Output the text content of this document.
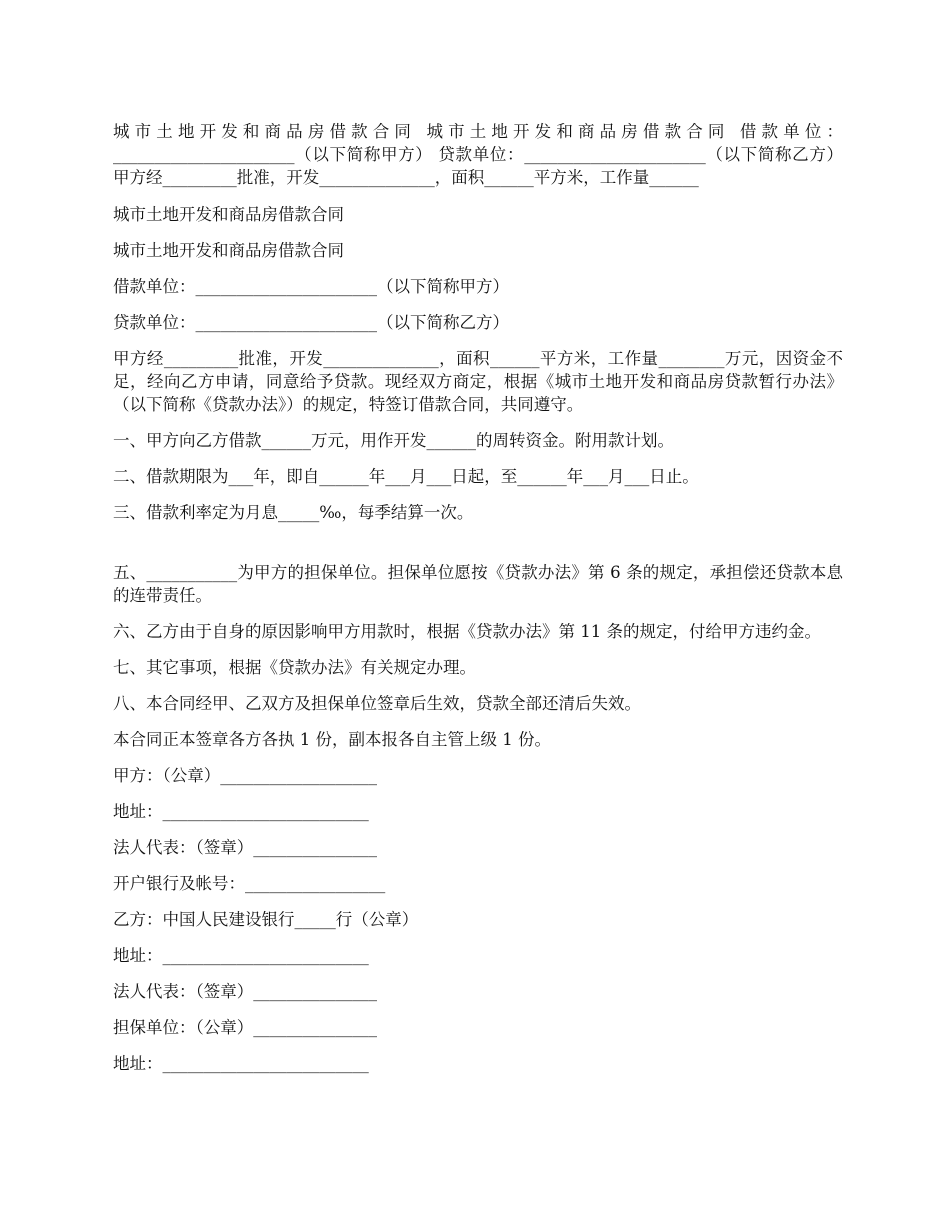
城市土地开发和商品房借款合同 城市土地开发和商品房借款合同 借款单位：______________________（以下简称甲方） 贷款单位：______________________（以下简称乙方） 甲方经_________批准，开发______________，面积______平方米，工作量______

城市土地开发和商品房借款合同

城市土地开发和商品房借款合同

借款单位：______________________（以下简称甲方）

贷款单位：______________________（以下简称乙方）

甲方经_________批准，开发______________，面积______平方米，工作量________万元，因资金不足，经向乙方申请，同意给予贷款。现经双方商定，根据《城市土地开发和商品房贷款暂行办法》（以下简称《贷款办法》）的规定，特签订借款合同，共同遵守。

一、甲方向乙方借款______万元，用作开发______的周转资金。附用款计划。

二、借款期限为___年，即自______年___月___日起，至______年___月___日止。

三、借款利率定为月息_____‰，每季结算一次。

五、___________为甲方的担保单位。担保单位愿按《贷款办法》第 6 条的规定，承担偿还贷款本息的连带责任。

六、乙方由于自身的原因影响甲方用款时，根据《贷款办法》第 11 条的规定，付给甲方违约金。

七、其它事项，根据《贷款办法》有关规定办理。

八、本合同经甲、乙双方及担保单位签章后生效，贷款全部还清后失效。

本合同正本签章各方各执 1 份，副本报各自主管上级 1 份。

甲方：（公章）___________________

地址：_________________________

法人代表：（签章）_______________

开户银行及帐号：_________________

乙方：中国人民建设银行_____行（公章）

地址：_________________________

法人代表：（签章）_______________

担保单位：（公章）_______________

地址：_________________________
